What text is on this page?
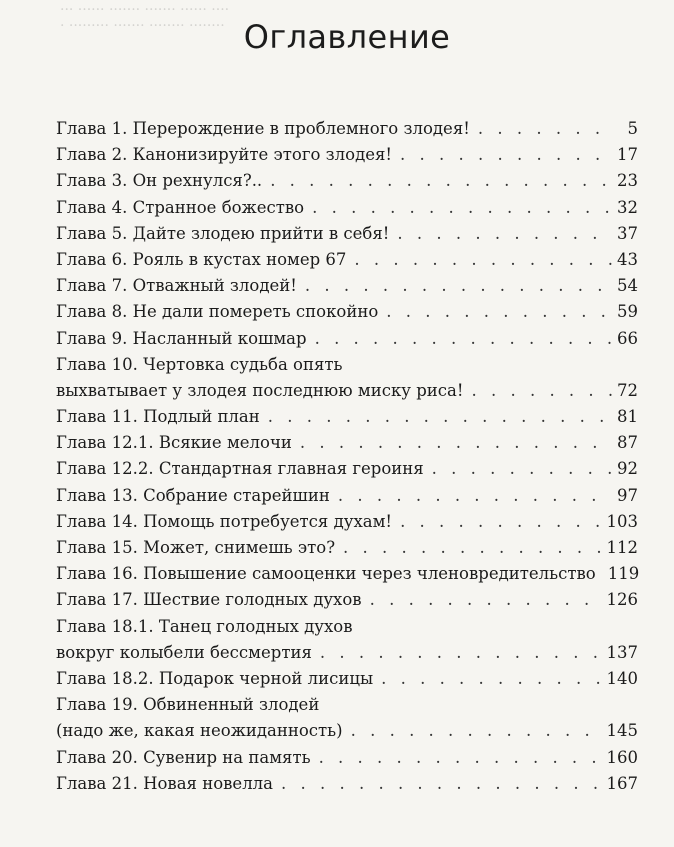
... ...... ....... ....... ...... ....
. ......... ....... ........ ........ Оглавление
Глава 1. Перерождение в проблемного злодея! . . .	5
Глава 2. Канонизируйте этого злодея! . . .	17
Глава 3. Он рехнулся?.. . . .	23
Глава 4. Странное божество . . .	32
Глава 5. Дайте злодею прийти в себя! . . .	37
Глава 6. Рояль в кустах номер 67 . . .	43
Глава 7. Отважный злодей! . . .	54
Глава 8. Не дали помереть спокойно . . .	59
Глава 9. Насланный кошмар . . .	66
Глава 10. Чертовка судьба опять
выхватывает у злодея последнюю миску риса! . . .	72
Глава 11. Подлый план . . .	81
Глава 12.1. Всякие мелочи . . .	87
Глава 12.2. Стандартная главная героиня . . .	92
Глава 13. Собрание старейшин . . .	97
Глава 14. Помощь потребуется духам! . . .	103
Глава 15. Может, снимешь это? . . .	112
Глава 16. Повышение самооценки через членовредительство 119
Глава 17. Шествие голодных духов . . .	126
Глава 18.1. Танец голодных духов
вокруг колыбели бессмертия . . .	137
Глава 18.2. Подарок черной лисицы . . .	140
Глава 19. Обвиненный злодей
(надо же, какая неожиданность) . . .	145
Глава 20. Сувенир на память . . .	160
Глава 21. Новая новелла . . .	167
